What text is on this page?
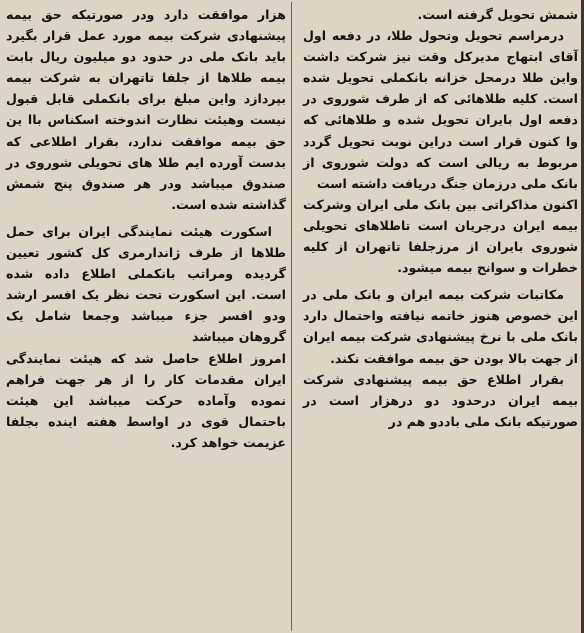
شمش تحویل گرفته است.

درمراسم تحویل وتحول طلا، در دفعه اول آقای ابتهاج مدیرکل وقت نیز شرکت داشت واین طلا درمحل خزانه بانکملی تحویل شده است. کلیه طلاهائی که از طرف شوروی در دفعه اول بایران تحویل شده و طلاهائی که وا کنون قرار است دراین نوبت تحویل گردد مربوط به ریالی است که دولت شوروی از بانک ملی درزمان جنگ دریافت داشته است

اکنون مذاکراتی بین بانک ملی ایران وشرکت بیمه ایران درجریان است تاطلاهای تحویلی شوروی بایران از مرزجلفا تاتهران از کلیه خطرات و سوانح بیمه میشود.

مکاتبات شرکت بیمه ایران و بانک ملی در این خصوص هنوز خاتمه نیافته واحتمال دارد بانک ملی با نرخ پیشنهادی شرکت بیمه ایران از جهت بالا بودن حق بیمه موافقت نکند.

بقرار اطلاع حق بیمه پیشنهادی شرکت بیمه ایران درحدود دو درهزار است در صورتیکه بانک ملی باددو هم در

هزار موافقت دارد ودر صورتیکه حق بیمه پیشنهادی شرکت بیمه مورد عمل قرار بگیرد باید بانک ملی در حدود دو میلیون ریال بابت بیمه طلاها از جلفا تاتهران به شرکت بیمه بپردازد واین مبلغ برای بانکملی قابل قبول نیست وهیئت نظارت اندوخته اسکناس باا ین حق بیمه موافقت ندارد، بقرار اطلاعی که بدست آورده ایم طلا های تحویلی شوروی در صندوق میباشد ودر هر صندوق پنج شمش گذاشته شده است.

اسکورت هیئت نمایندگی ایران برای حمل طلاها از طرف ژاندارمری کل کشور تعیین گردیده ومراتب بانکملی اطلاع داده شده است. این اسکورت تحت نظر یک افسر ارشد ودو افسر جزء میباشد وجمعا شامل یک گروهان میباشد

امروز اطلاع حاصل شد که هیئت نمایندگی ایران مقدمات کار را از هر جهت فراهم نموده وآماده حرکت میباشد این هیئت باحتمال قوی در اواسط هفته اینده بجلفا عزیمت خواهد کرد.
